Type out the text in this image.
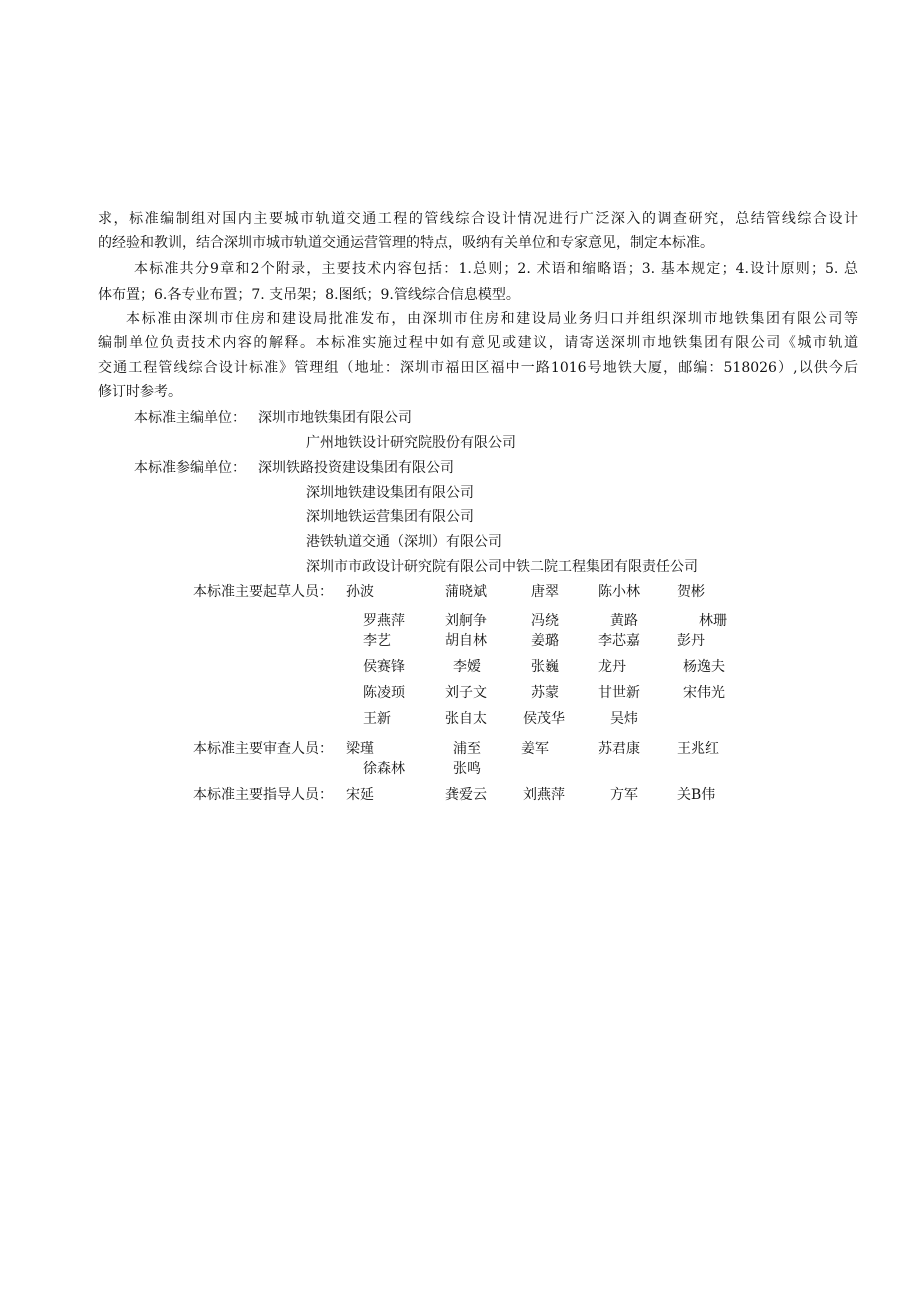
求，标准编制组对国内主要城市轨道交通工程的管线综合设计情况进行广泛深入的调查研究，总结管线综合设计
的经验和教训，结合深圳市城市轨道交通运营管理的特点，吸纳有关单位和专家意见，制定本标准。
本标准共分9章和2个附录，主要技术内容包括：1.总则；2. 术语和缩略语；3. 基本规定；4.设计原则；5. 总
体布置；6.各专业布置；7. 支吊架；8.图纸；9.管线综合信息模型。
本标准由深圳市住房和建设局批准发布，由深圳市住房和建设局业务归口并组织深圳市地铁集团有限公司等
编制单位负责技术内容的解释。本标准实施过程中如有意见或建议，请寄送深圳市地铁集团有限公司《城市轨道
交通工程管线综合设计标准》管理组（地址：深圳市福田区福中一路1016号地铁大厦，邮编：518026）,以供今后
修订时参考。
本标准主编单位： 深圳市地铁集团有限公司
广州地铁设计研究院股份有限公司
本标准参编单位： 深圳铁路投资建设集团有限公司
深圳地铁建设集团有限公司
深圳地铁运营集团有限公司
港铁轨道交通（深圳）有限公司
深圳市市政设计研究院有限公司中铁二院工程集团有限责任公司
本标准主要起草人员： 孙波	蒲晓斌	唐翠	陈小林	贺彬
罗燕萍	刘舸争	冯绕	黄路	林珊
李艺	胡自林	姜璐	李芯嘉	彭丹
侯赛锋	李嫒	张巍	龙丹	杨逸夫
陈凌顼	刘子文	苏蒙	甘世新	宋伟光
王新	张自太	侯茂华	吴炜
本标准主要审查人员： 梁瑾	浦至	姜军	苏君康	王兆红
徐森林	张鸣
本标准主要指导人员： 宋延	龚爱云	刘燕萍	方军	关B伟
